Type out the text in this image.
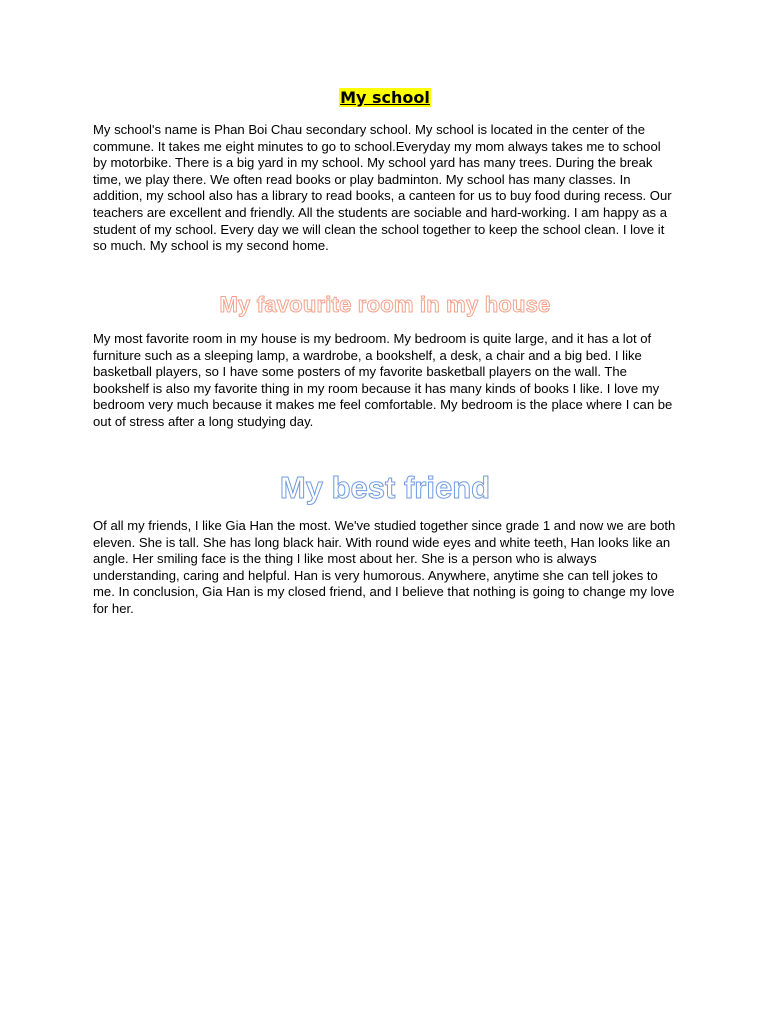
My school

My school's name is Phan Boi Chau secondary school. My school is located in the center of the commune. It takes me eight minutes to go to school.Everyday my mom always takes me to school by motorbike. There is a big yard in my school. My school yard has many trees. During the break time, we play there. We often read books or play badminton. My school has many classes. In addition, my school also has a library to read books, a canteen for us to buy food during recess. Our teachers are excellent and friendly. All the students are sociable and hard-working. I am happy as a student of my school. Every day we will clean the school together to keep the school clean. I love it so much. My school is my second home.

My favourite room in my house

My most favorite room in my house is my bedroom. My bedroom is quite large, and it has a lot of furniture such as a sleeping lamp, a wardrobe, a bookshelf, a desk, a chair and a big bed. I like basketball players, so I have some posters of my favorite basketball players on the wall. The bookshelf is also my favorite thing in my room because it has many kinds of books I like. I love my bedroom very much because it makes me feel comfortable. My bedroom is the place where I can be out of stress after a long studying day.

My best friend

Of all my friends, I like Gia Han the most. We've studied together since grade 1 and now we are both eleven. She is tall. She has long black hair. With round wide eyes and white teeth, Han looks like an angle. Her smiling face is the thing I like most about her. She is a person who is always understanding, caring and helpful. Han is very humorous. Anywhere, anytime she can tell jokes to me. In conclusion, Gia Han is my closed friend, and I believe that nothing is going to change my love for her.
